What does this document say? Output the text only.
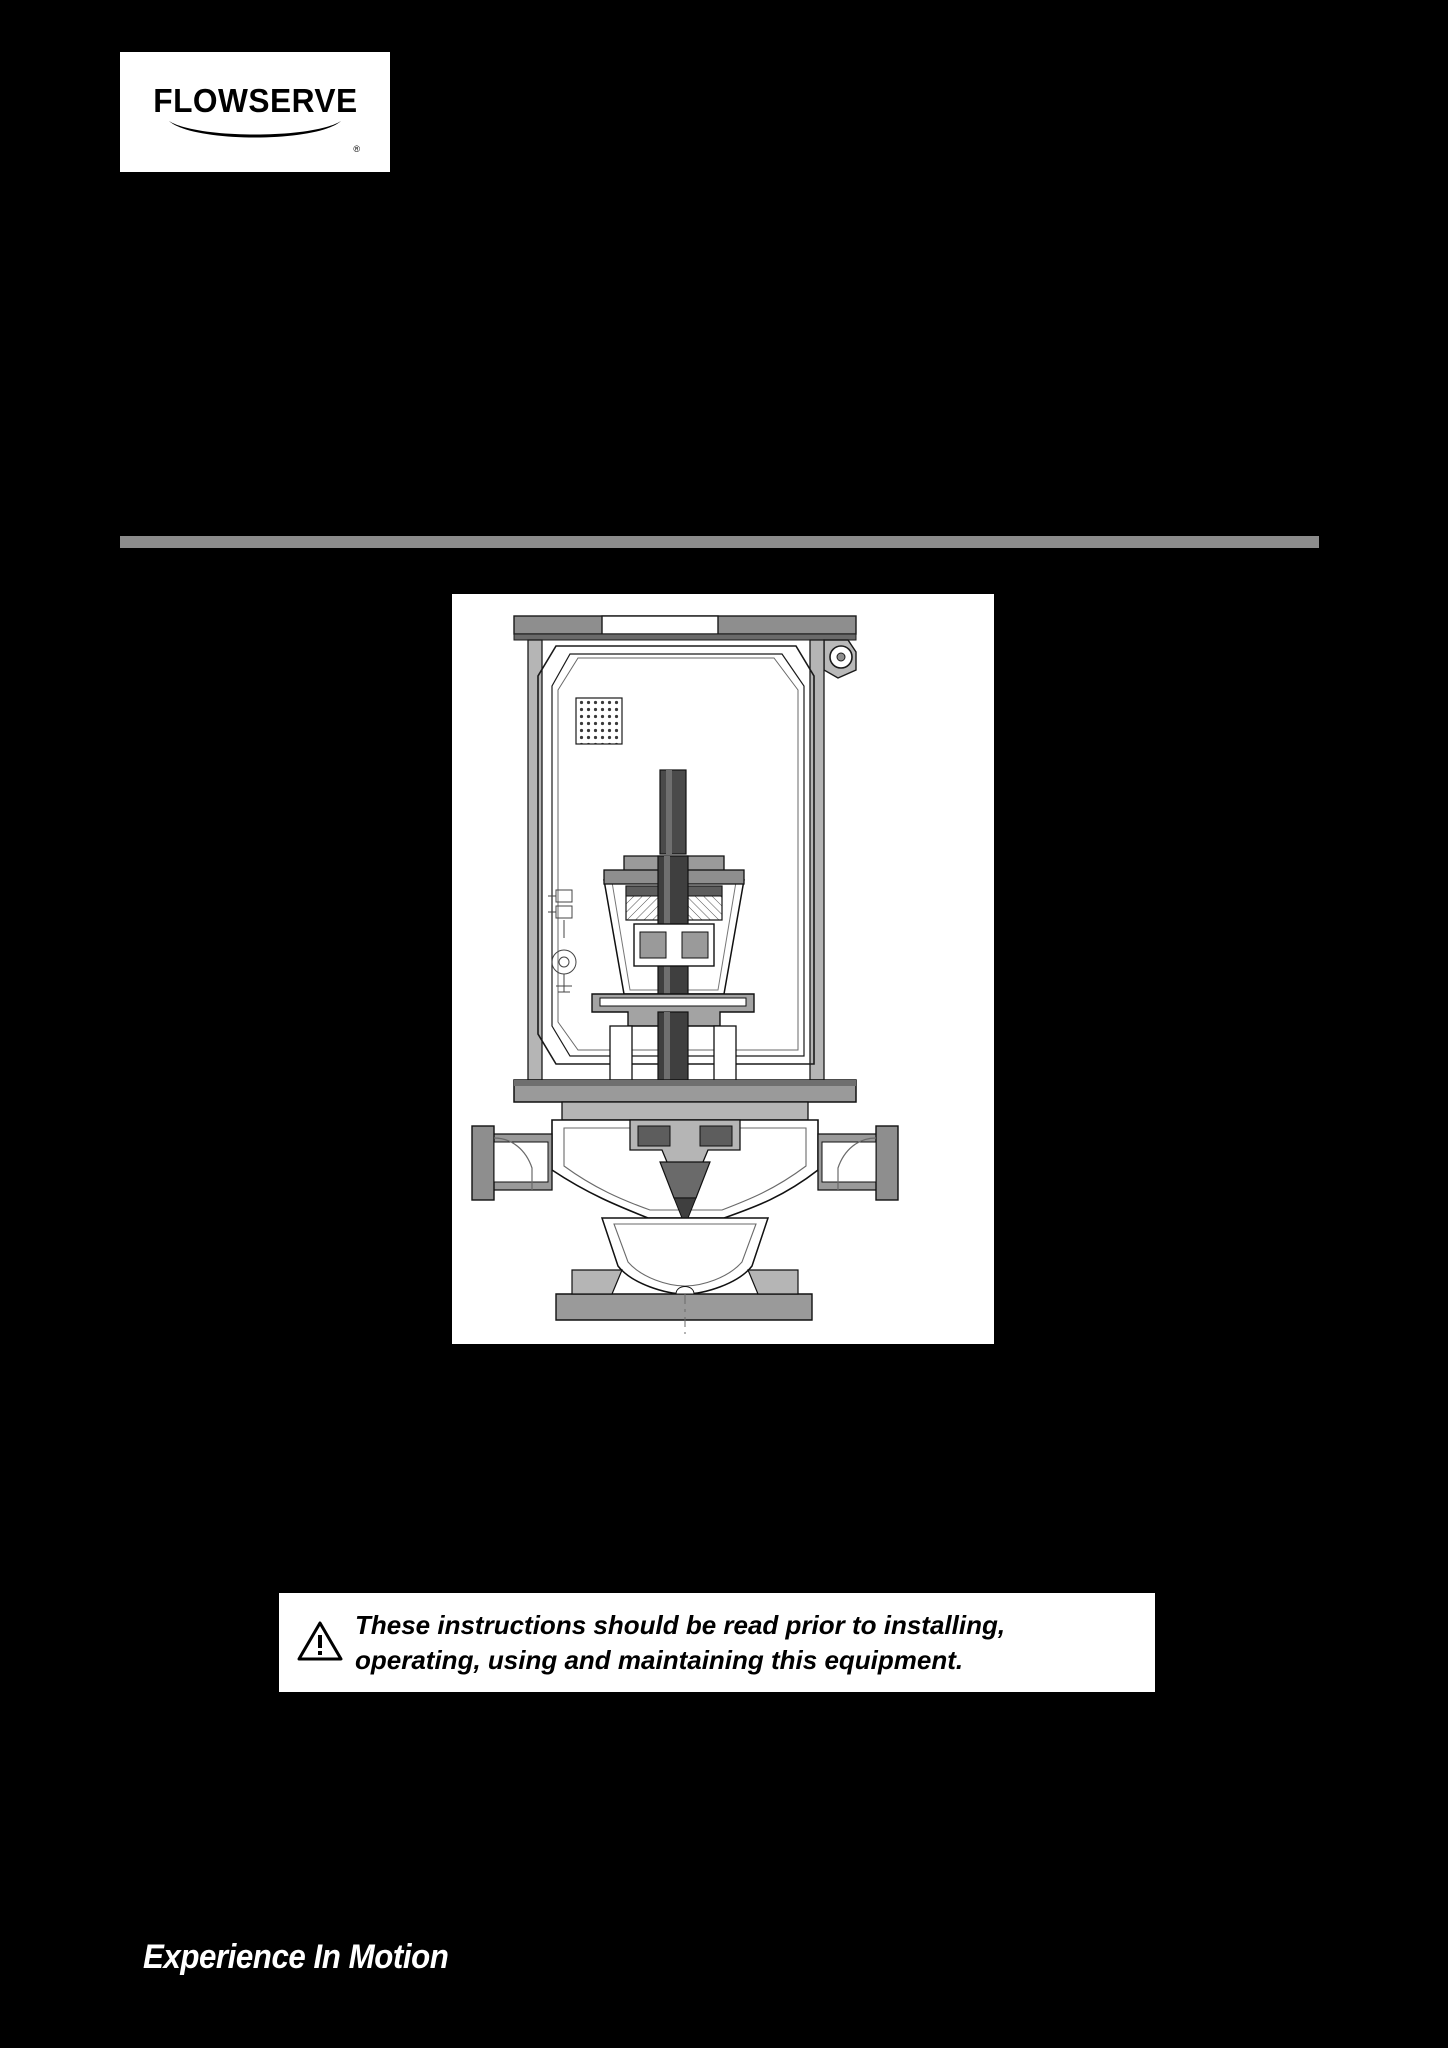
FLOWSERVE
®
These instructions should be read prior to installing,
operating, using and maintaining this equipment.
Experience In Motion
